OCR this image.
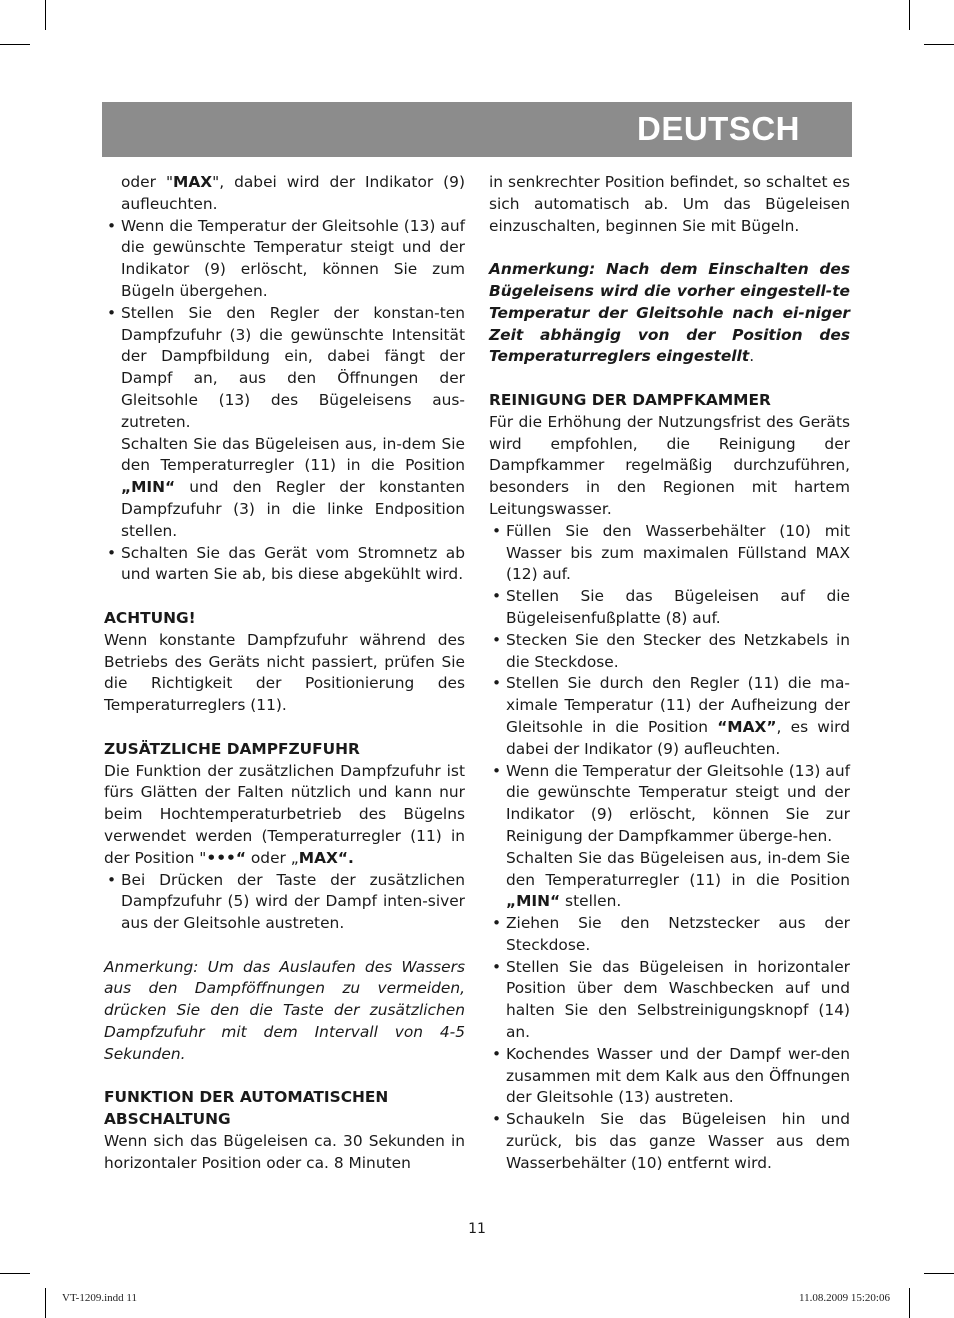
DEUTSCH

oder "MAX", dabei wird der Indikator (9) aufleuchten.

• Wenn die Temperatur der Gleitsohle (13) auf die gewünschte Temperatur steigt und der Indikator (9) erlöscht, können Sie zum Bügeln übergehen.

• Stellen Sie den Regler der konstan-ten Dampfzufuhr (3) die gewünschte Intensität der Dampfbildung ein, dabei fängt der Dampf an, aus den Öffnungen der Gleitsohle (13) des Bügeleisens aus-zutreten.

Schalten Sie das Bügeleisen aus, in-dem Sie den Temperaturregler (11) in die Position „MIN“ und den Regler der konstanten Dampfzufuhr (3) in die linke Endposition stellen.

• Schalten Sie das Gerät vom Stromnetz ab und warten Sie ab, bis diese abgekühlt wird.

ACHTUNG!

Wenn konstante Dampfzufuhr während des Betriebs des Geräts nicht passiert, prüfen Sie die Richtigkeit der Positionierung des Temperaturreglers (11).

ZUSÄTZLICHE DAMPFZUFUHR

Die Funktion der zusätzlichen Dampfzufuhr ist fürs Glätten der Falten nützlich und kann nur beim Hochtemperaturbetrieb des Bügelns verwendet werden (Temperaturregler (11) in der Position "•••“ oder „MAX“.

• Bei Drücken der Taste der zusätzlichen Dampfzufuhr (5) wird der Dampf inten-siver aus der Gleitsohle austreten.

Anmerkung: Um das Auslaufen des Wassers aus den Dampföffnungen zu vermeiden, drücken Sie den die Taste der zusätzlichen Dampfzufuhr mit dem Intervall von 4-5 Sekunden.

FUNKTION DER AUTOMATISCHEN

ABSCHALTUNG

Wenn sich das Bügeleisen ca. 30 Sekunden in horizontaler Position oder ca. 8 Minuten

in senkrechter Position befindet, so schaltet es sich automatisch ab. Um das Bügeleisen einzuschalten, beginnen Sie mit Bügeln.

Anmerkung: Nach dem Einschalten des Bügeleisens wird die vorher eingestell-te Temperatur der Gleitsohle nach ei-niger Zeit abhängig von der Position des Temperaturreglers eingestellt.

REINIGUNG DER DAMPFKAMMER

Für die Erhöhung der Nutzungsfrist des Geräts wird empfohlen, die Reinigung der Dampfkammer regelmäßig durchzuführen, besonders in den Regionen mit hartem Leitungswasser.

• Füllen Sie den Wasserbehälter (10) mit Wasser bis zum maximalen Füllstand MAX (12) auf.

• Stellen Sie das Bügeleisen auf die Bügeleisenfußplatte (8) auf.

• Stecken Sie den Stecker des Netzkabels in die Steckdose.

• Stellen Sie durch den Regler (11) die ma-ximale Temperatur (11) der Aufheizung der Gleitsohle in die Position “MAX”, es wird dabei der Indikator (9) aufleuchten.

• Wenn die Temperatur der Gleitsohle (13) auf die gewünschte Temperatur steigt und der Indikator (9) erlöscht, können Sie zur Reinigung der Dampfkammer überge-hen.

Schalten Sie das Bügeleisen aus, in-dem Sie den Temperaturregler (11) in die Position „MIN“ stellen.

• Ziehen Sie den Netzstecker aus der Steckdose.

• Stellen Sie das Bügeleisen in horizontaler Position über dem Waschbecken auf und halten Sie den Selbstreinigungsknopf (14) an.

• Kochendes Wasser und der Dampf wer-den zusammen mit dem Kalk aus den Öffnungen der Gleitsohle (13) austreten.

• Schaukeln Sie das Bügeleisen hin und zurück, bis das ganze Wasser aus dem Wasserbehälter (10) entfernt wird.

11
VT-1209.indd 11	11.08.2009 15:20:06
